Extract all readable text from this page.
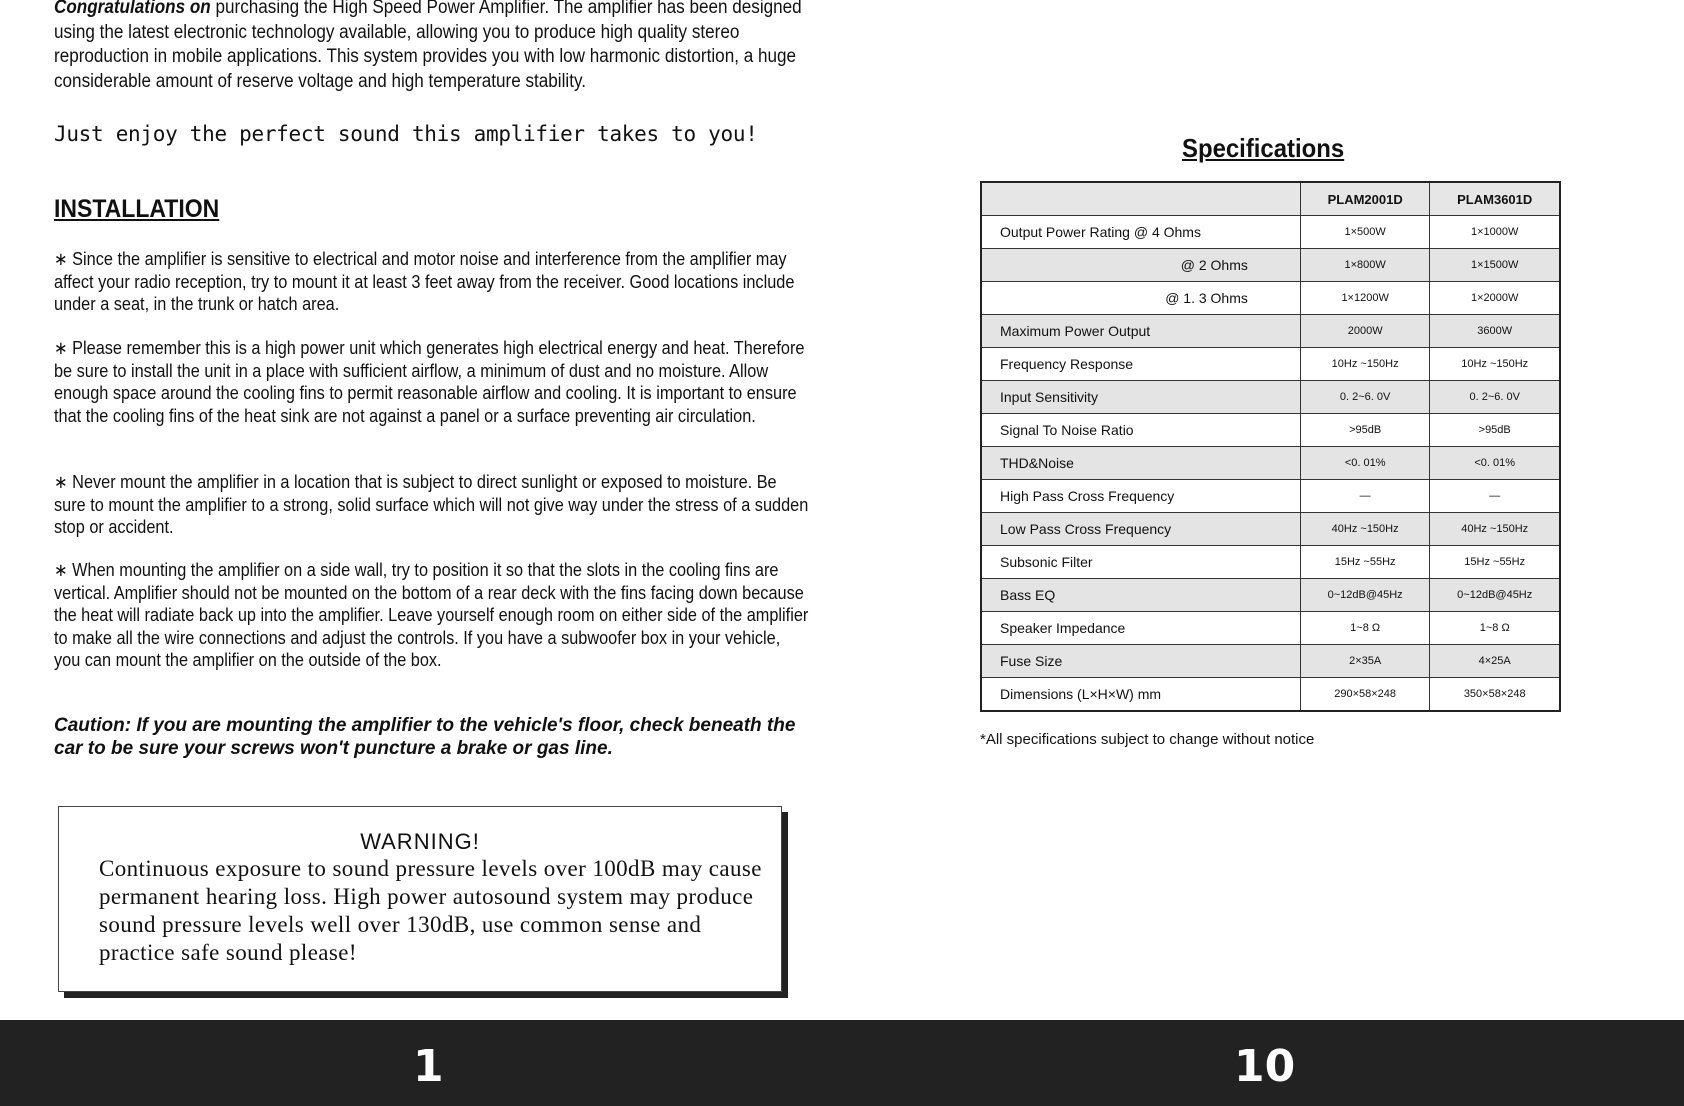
Congratulations on purchasing the High Speed Power Amplifier. The amplifier has been designed using the latest electronic technology available, allowing you to produce high quality stereo reproduction in mobile applications. This system provides you with low harmonic distortion, a huge considerable amount of reserve voltage and high temperature stability.

Just enjoy the perfect sound this amplifier takes to you!

INSTALLATION

∗ Since the amplifier is sensitive to electrical and motor noise and interference from the amplifier may affect your radio reception, try to mount it at least 3 feet away from the receiver. Good locations include under a seat, in the trunk or hatch area.

∗ Please remember this is a high power unit which generates high electrical energy and heat. Therefore be sure to install the unit in a place with sufficient airflow, a minimum of dust and no moisture. Allow enough space around the cooling fins to permit reasonable airflow and cooling. It is important to ensure that the cooling fins of the heat sink are not against a panel or a surface preventing air circulation.

∗ Never mount the amplifier in a location that is subject to direct sunlight or exposed to moisture. Be sure to mount the amplifier to a strong, solid surface which will not give way under the stress of a sudden stop or accident.

∗ When mounting the amplifier on a side wall, try to position it so that the slots in the cooling fins are vertical. Amplifier should not be mounted on the bottom of a rear deck with the fins facing down because the heat will radiate back up into the amplifier. Leave yourself enough room on either side of the amplifier to make all the wire connections and adjust the controls. If you have a subwoofer box in your vehicle, you can mount the amplifier on the outside of the box.

Caution: If you are mounting the amplifier to the vehicle's floor, check beneath the car to be sure your screws won't puncture a brake or gas line.

WARNING!

Continuous exposure to sound pressure levels over 100dB may cause permanent hearing loss. High power autosound system may produce sound pressure levels well over 130dB, use common sense and practice safe sound please!

Specifications
	PLAM2001D	PLAM3601D
Output Power Rating @ 4 Ohms	1×500W	1×1000W
@ 2 Ohms	1×800W	1×1500W
@ 1. 3 Ohms	1×1200W	1×2000W
Maximum Power Output	2000W	3600W
Frequency Response	10Hz ~150Hz	10Hz ~150Hz
Input Sensitivity	0. 2~6. 0V	0. 2~6. 0V
Signal To Noise Ratio	>95dB	>95dB
THD&Noise	<0. 01%	<0. 01%
High Pass Cross Frequency	—	—
Low Pass Cross Frequency	40Hz ~150Hz	40Hz ~150Hz
Subsonic Filter	15Hz ~55Hz	15Hz ~55Hz
Bass EQ	0~12dB@45Hz	0~12dB@45Hz
Speaker Impedance	1~8 Ω	1~8 Ω
Fuse Size	2×35A	4×25A
Dimensions (L×H×W) mm	290×58×248	350×58×248

*All specifications subject to change without notice

1	10
